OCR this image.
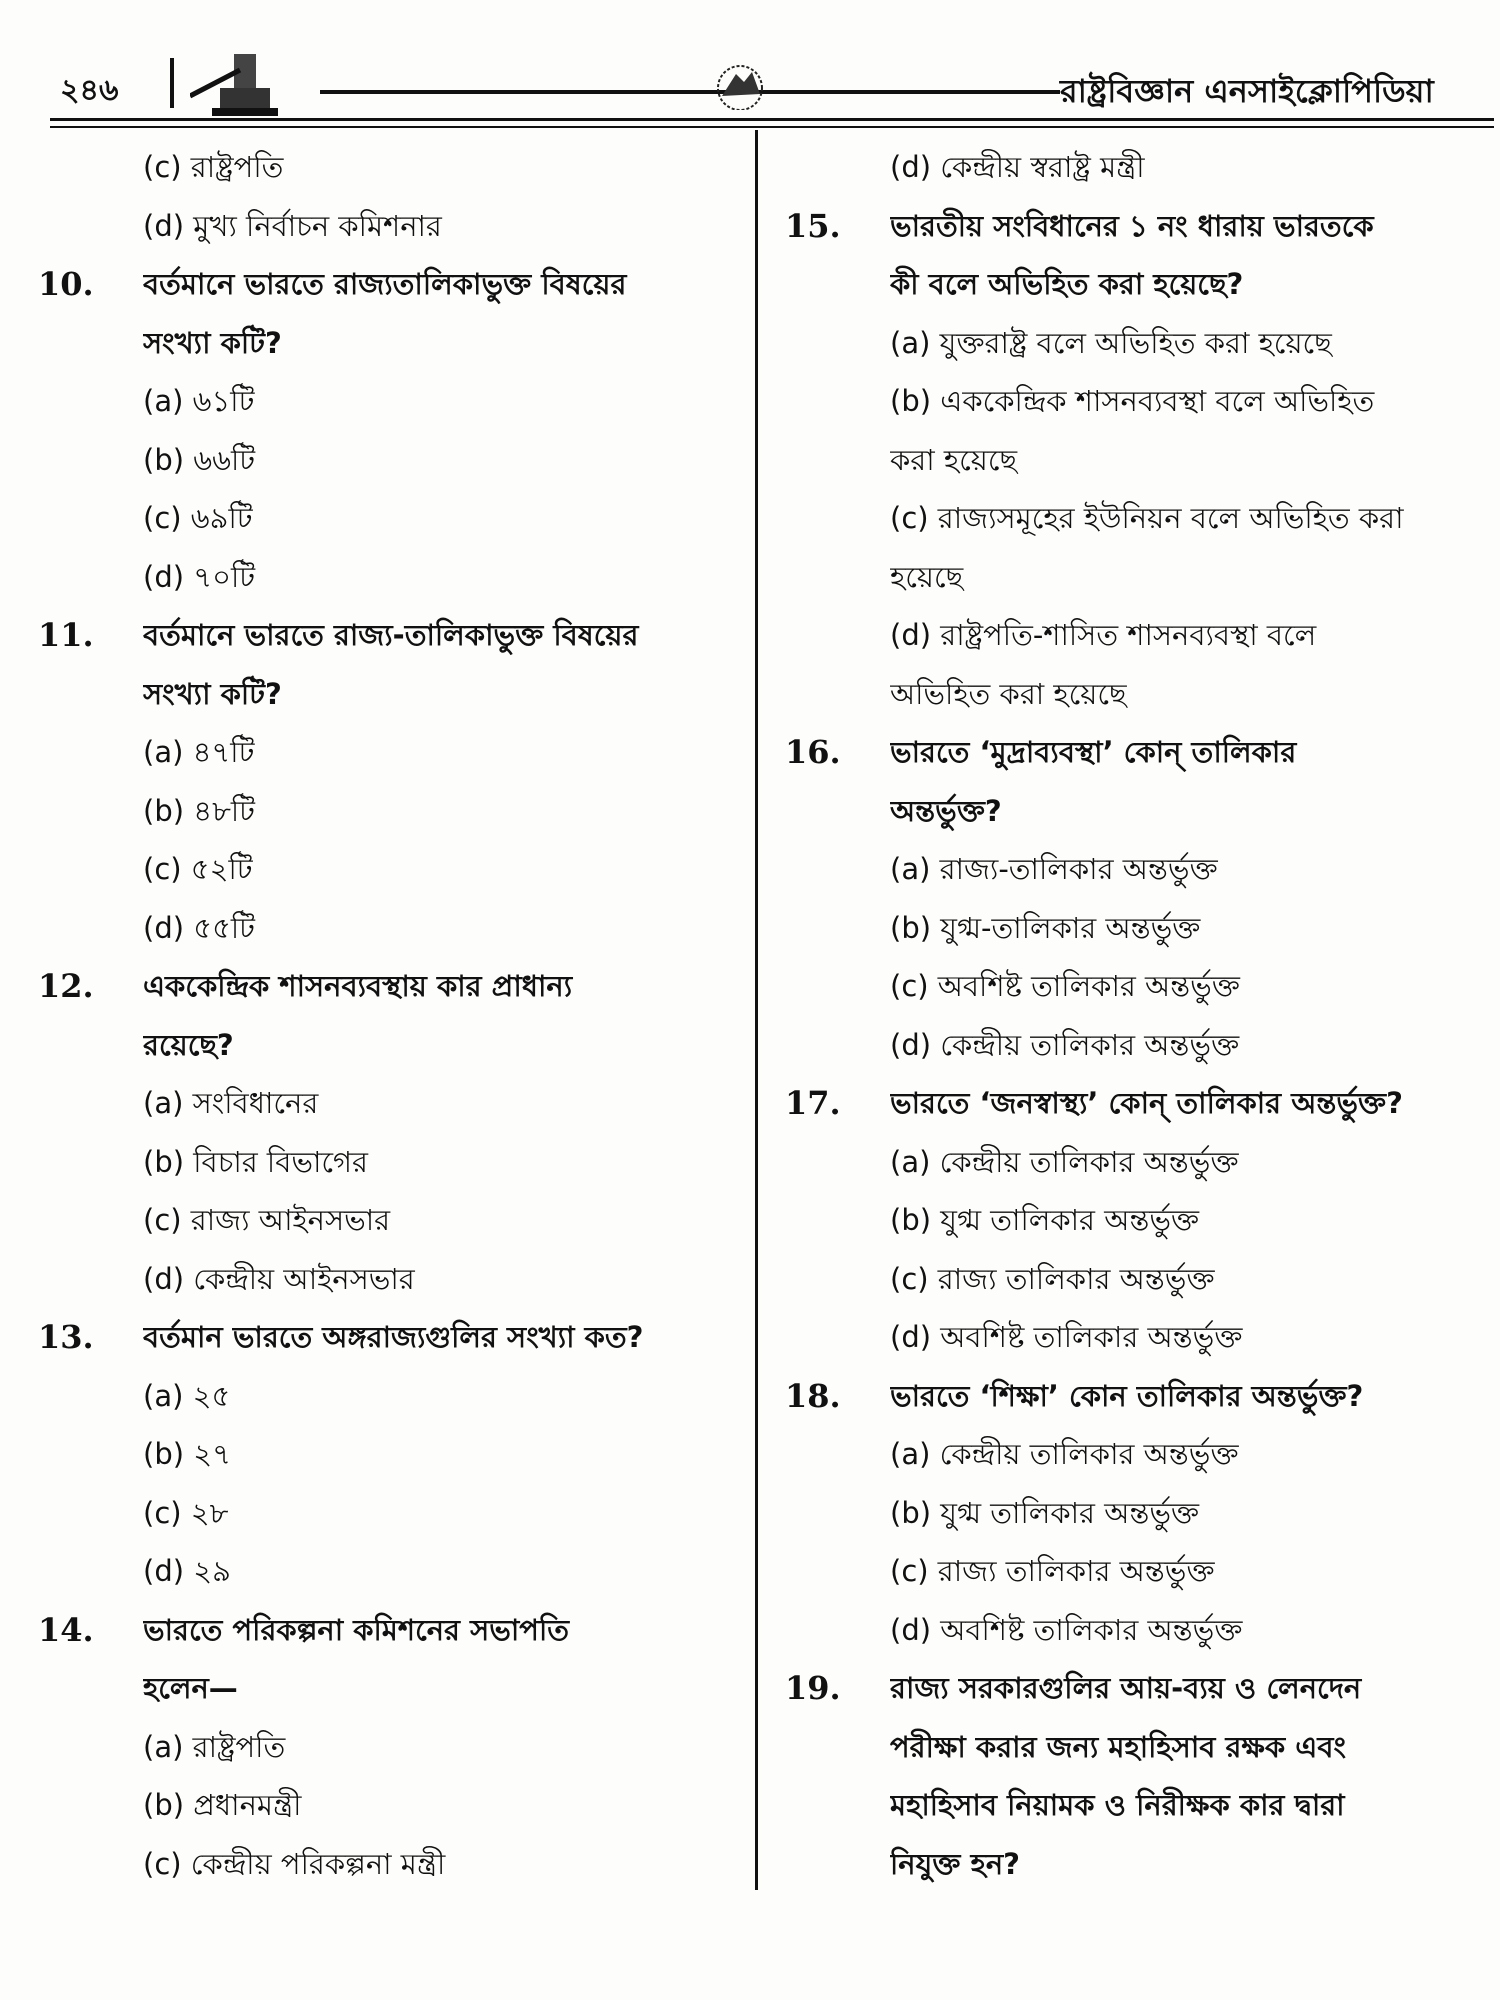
২৪৬	রাষ্ট্রবিজ্ঞান এনসাইক্লোপিডিয়া
(c) রাষ্ট্রপতি
(d) মুখ্য নির্বাচন কমিশনার
10. বর্তমানে ভারতে রাজ্যতালিকাভুক্ত বিষয়ের
সংখ্যা কটি?
(a) ৬১টি
(b) ৬৬টি
(c) ৬৯টি
(d) ৭০টি
11. বর্তমানে ভারতে রাজ্য-তালিকাভুক্ত বিষয়ের
সংখ্যা কটি?
(a) ৪৭টি
(b) ৪৮টি
(c) ৫২টি
(d) ৫৫টি
12. এককেন্দ্রিক শাসনব্যবস্থায় কার প্রাধান্য
রয়েছে?
(a) সংবিধানের
(b) বিচার বিভাগের
(c) রাজ্য আইনসভার
(d) কেন্দ্রীয় আইনসভার
13. বর্তমান ভারতে অঙ্গরাজ্যগুলির সংখ্যা কত?
(a) ২৫
(b) ২৭
(c) ২৮
(d) ২৯
14. ভারতে পরিকল্পনা কমিশনের সভাপতি
হলেন—
(a) রাষ্ট্রপতি
(b) প্রধানমন্ত্রী
(c) কেন্দ্রীয় পরিকল্পনা মন্ত্রী
(d) কেন্দ্রীয় স্বরাষ্ট্র মন্ত্রী
15. ভারতীয় সংবিধানের ১ নং ধারায় ভারতকে
কী বলে অভিহিত করা হয়েছে?
(a) যুক্তরাষ্ট্র বলে অভিহিত করা হয়েছে
(b) এককেন্দ্রিক শাসনব্যবস্থা বলে অভিহিত
করা হয়েছে
(c) রাজ্যসমূহের ইউনিয়ন বলে অভিহিত করা
হয়েছে
(d) রাষ্ট্রপতি-শাসিত শাসনব্যবস্থা বলে
অভিহিত করা হয়েছে
16. ভারতে ‘মুদ্রাব্যবস্থা’ কোন্ তালিকার
অন্তর্ভুক্ত?
(a) রাজ্য-তালিকার অন্তর্ভুক্ত
(b) যুগ্ম-তালিকার অন্তর্ভুক্ত
(c) অবশিষ্ট তালিকার অন্তর্ভুক্ত
(d) কেন্দ্রীয় তালিকার অন্তর্ভুক্ত
17. ভারতে ‘জনস্বাস্থ্য’ কোন্ তালিকার অন্তর্ভুক্ত?
(a) কেন্দ্রীয় তালিকার অন্তর্ভুক্ত
(b) যুগ্ম তালিকার অন্তর্ভুক্ত
(c) রাজ্য তালিকার অন্তর্ভুক্ত
(d) অবশিষ্ট তালিকার অন্তর্ভুক্ত
18. ভারতে ‘শিক্ষা’ কোন তালিকার অন্তর্ভুক্ত?
(a) কেন্দ্রীয় তালিকার অন্তর্ভুক্ত
(b) যুগ্ম তালিকার অন্তর্ভুক্ত
(c) রাজ্য তালিকার অন্তর্ভুক্ত
(d) অবশিষ্ট তালিকার অন্তর্ভুক্ত
19. রাজ্য সরকারগুলির আয়-ব্যয় ও লেনদেন
পরীক্ষা করার জন্য মহাহিসাব রক্ষক এবং
মহাহিসাব নিয়ামক ও নিরীক্ষক কার দ্বারা
নিযুক্ত হন?
